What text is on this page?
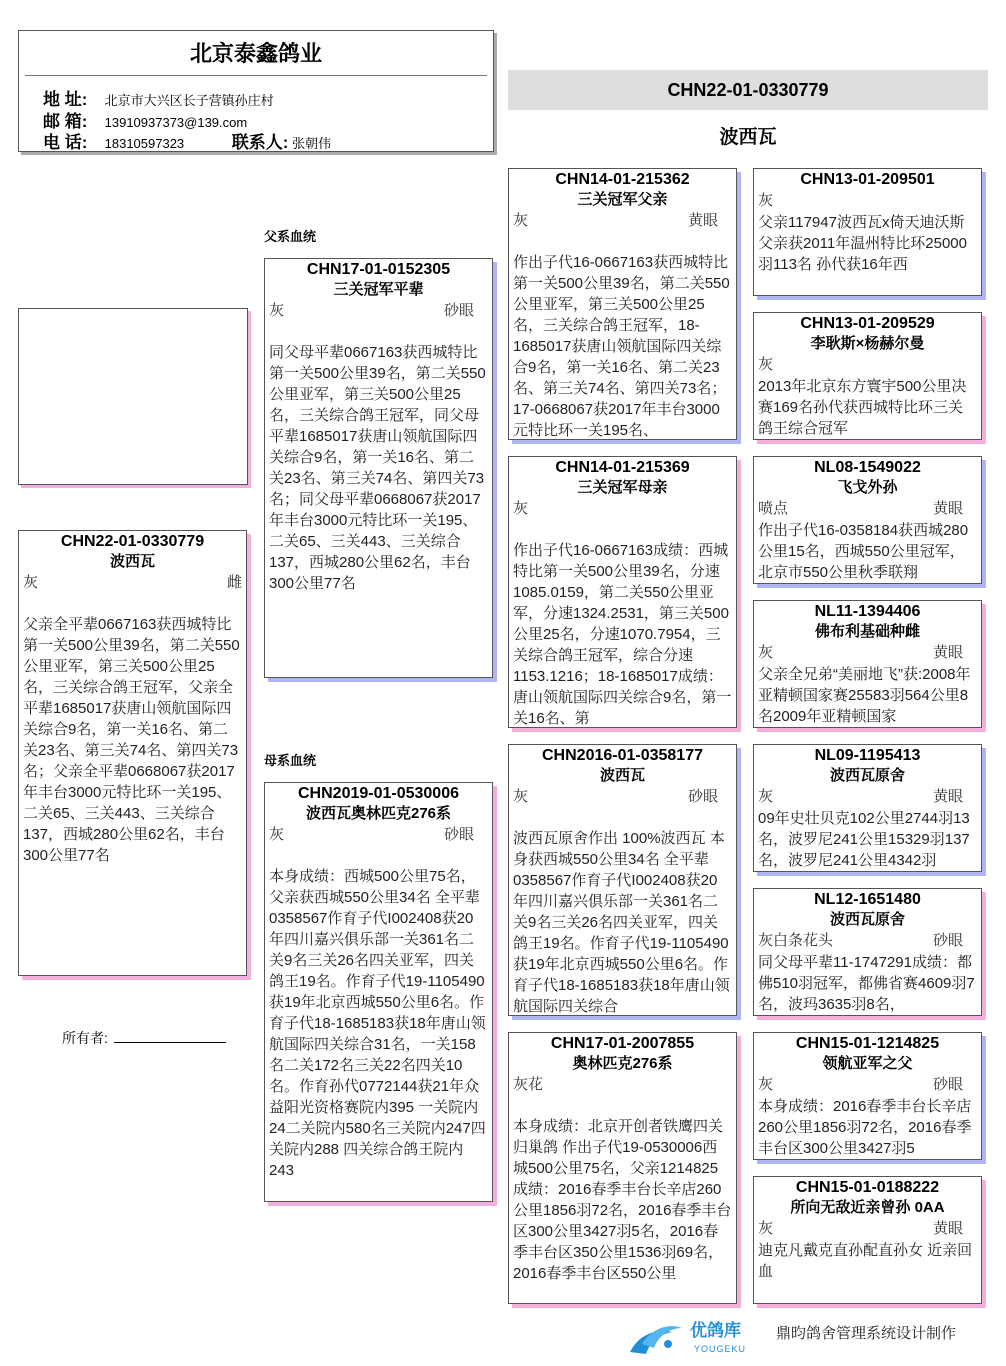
北京泰鑫鸽业
地 址: 北京市大兴区长子营镇孙庄村
邮 箱: 13910937373@139.com
电 话: 18310597323	联系人: 张朝伟
CHN22-01-0330779
波西瓦
父系血统
母系血统
CHN22-01-0330779
波西瓦
灰	雌
父亲全平辈0667163获西城特比第一关500公里39名，第二关550公里亚军，第三关500公里25名，三关综合鸽王冠军，父亲全平辈1685017获唐山领航国际四关综合9名，第一关16名、第二关23名、第三关74名、第四关73名；父亲全平辈0668067获2017年丰台3000元特比环一关195、二关65、三关443、三关综合137，西城280公里62名，丰台300公里77名
CHN17-01-0152305
三关冠军平辈
灰	砂眼
同父母平辈0667163获西城特比第一关500公里39名，第二关550公里亚军，第三关500公里25名，三关综合鸽王冠军，同父母平辈1685017获唐山领航国际四关综合9名，第一关16名、第二关23名、第三关74名、第四关73名；同父母平辈0668067获2017年丰台3000元特比环一关195、二关65、三关443、三关综合137，西城280公里62名，丰台300公里77名
CHN2019-01-0530006
波西瓦奥林匹克276系
灰	砂眼
本身成绩：西城500公里75名，父亲获西城550公里34名 全平辈0358567作育子代I002408获20年四川嘉兴俱乐部一关361名二关9名三关26名四关亚军，四关鸽王19名。作育子代19-1105490获19年北京西城550公里6名。作育子代18-1685183获18年唐山领航国际四关综合31名，一关158名二关172名三关22名四关10名。作育孙代0772144获21年众益阳光资格赛院内395 一关院内24二关院内580名三关院内247四关院内288 四关综合鸽王院内243
CHN14-01-215362
三关冠军父亲
灰	黄眼
作出子代16-0667163获西城特比第一关500公里39名，第二关550公里亚军，第三关500公里25名，三关综合鸽王冠军，18-1685017获唐山领航国际四关综合9名，第一关16名、第二关23名、第三关74名、第四关73名；17-0668067获2017年丰台3000元特比环一关195名、
CHN14-01-215369
三关冠军母亲
灰
作出子代16-0667163成绩：西城特比第一关500公里39名，分速1085.0159，第二关550公里亚军，分速1324.2531，第三关500公里25名，分速1070.7954，三关综合鸽王冠军，综合分速1153.1216；18-1685017成绩：唐山领航国际四关综合9名，第一关16名、第
CHN2016-01-0358177
波西瓦
灰	砂眼
波西瓦原舍作出 100%波西瓦 本身获西城550公里34名 全平辈0358567作育子代I002408获20年四川嘉兴俱乐部一关361名二关9名三关26名四关亚军，四关鸽王19名。作育子代19-1105490获19年北京西城550公里6名。作育子代18-1685183获18年唐山领航国际四关综合
CHN17-01-2007855
奥林匹克276系
灰花
本身成绩：北京开创者铁鹰四关归巢鸽 作出子代19-0530006西城500公里75名，父亲1214825成绩：2016春季丰台长辛店260公里1856羽72名，2016春季丰台区300公里3427羽5名，2016春季丰台区350公里1536羽69名，2016春季丰台区550公里
CHN13-01-209501
灰
父亲117947波西瓦x倚天迪沃斯 父亲获2011年温州特比环25000羽113名 孙代获16年西
CHN13-01-209529
李耿斯×杨赫尔曼
灰
2013年北京东方寰宇500公里决赛169名孙代获西城特比环三关鸽王综合冠军
NL08-1549022
飞戈外孙
喷点	黄眼
作出子代16-0358184获西城280公里15名，西城550公里冠军，北京市550公里秋季联翔
NL11-1394406
佛布利基础种雌
灰	黄眼
父亲全兄弟“美丽地飞”获:2008年亚精顿国家赛25583羽564公里8名2009年亚精顿国家
NL09-1195413
波西瓦原舍
灰	黄眼
09年史壮贝克102公里2744羽13名，波罗尼241公里15329羽137名，波罗尼241公里4342羽
NL12-1651480
波西瓦原舍
灰白条花头	砂眼
同父母平辈11-1747291成绩：都佛510羽冠军，都佛省赛4609羽7名，波玛3635羽8名，
CHN15-01-1214825
领航亚军之父
灰	砂眼
本身成绩：2016春季丰台长辛店260公里1856羽72名，2016春季丰台区300公里3427羽5
CHN15-01-0188222
所向无敌近亲曾孙 0AA
灰	黄眼
迪克凡戴克直孙配直孙女 近亲回血
所有者:
优鸽库
YOUGEKU
鼎昀鸽舍管理系统设计制作
